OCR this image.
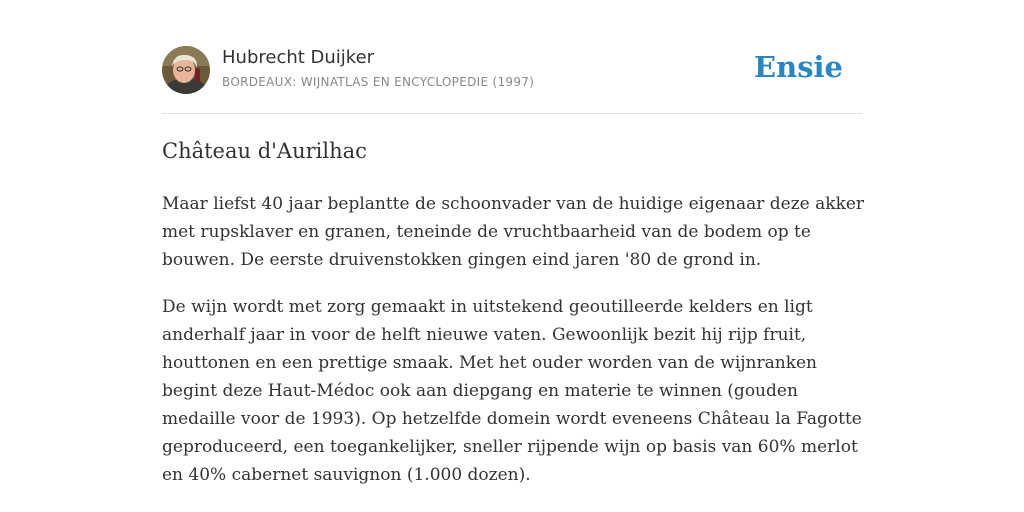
Hubrecht Duijker
BORDEAUX: WIJNATLAS EN ENCYCLOPEDIE (1997)	Ensie
Château d'Aurilhac

Maar liefst 40 jaar beplantte de schoonvader van de huidige eigenaar deze akker met rupsklaver en granen, teneinde de vruchtbaarheid van de bodem op te bouwen. De eerste druivenstokken gingen eind jaren '80 de grond in.

De wijn wordt met zorg gemaakt in uitstekend geoutilleerde kelders en ligt anderhalf jaar in voor de helft nieuwe vaten. Gewoonlijk bezit hij rijp fruit, houttonen en een prettige smaak. Met het ouder worden van de wijnranken begint deze Haut-Médoc ook aan diepgang en materie te winnen (gouden medaille voor de 1993). Op hetzelfde domein wordt eveneens Château la Fagotte geproduceerd, een toegankelijker, sneller rijpende wijn op basis van 60% merlot en 40% cabernet sauvignon (1.000 dozen).
